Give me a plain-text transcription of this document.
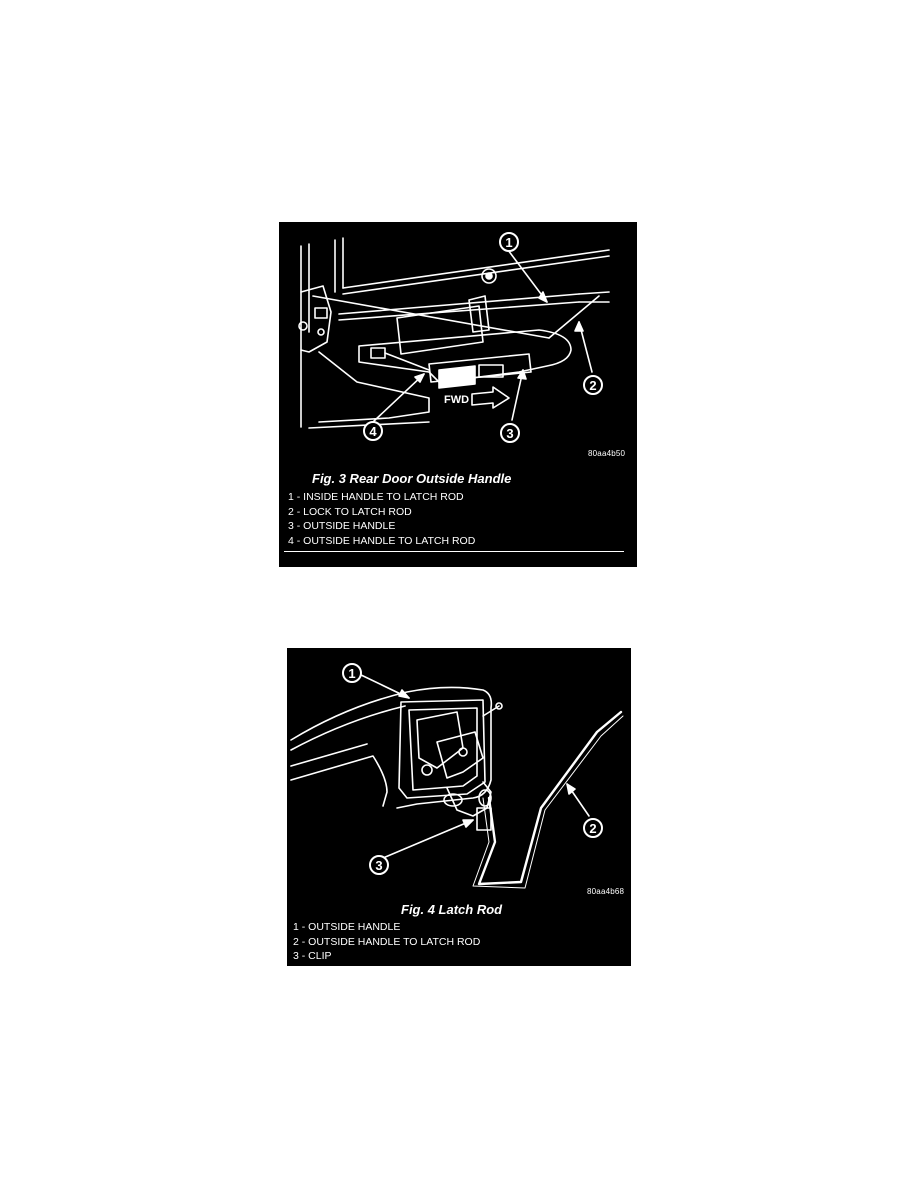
1
2
3
4
FWD
80aa4b50
Fig. 3 Rear Door Outside Handle
1 - INSIDE HANDLE TO LATCH ROD
2 - LOCK TO LATCH ROD
3 - OUTSIDE HANDLE
4 - OUTSIDE HANDLE TO LATCH ROD
1
2
3
80aa4b68
Fig. 4 Latch Rod
1 - OUTSIDE HANDLE
2 - OUTSIDE HANDLE TO LATCH ROD
3 - CLIP
